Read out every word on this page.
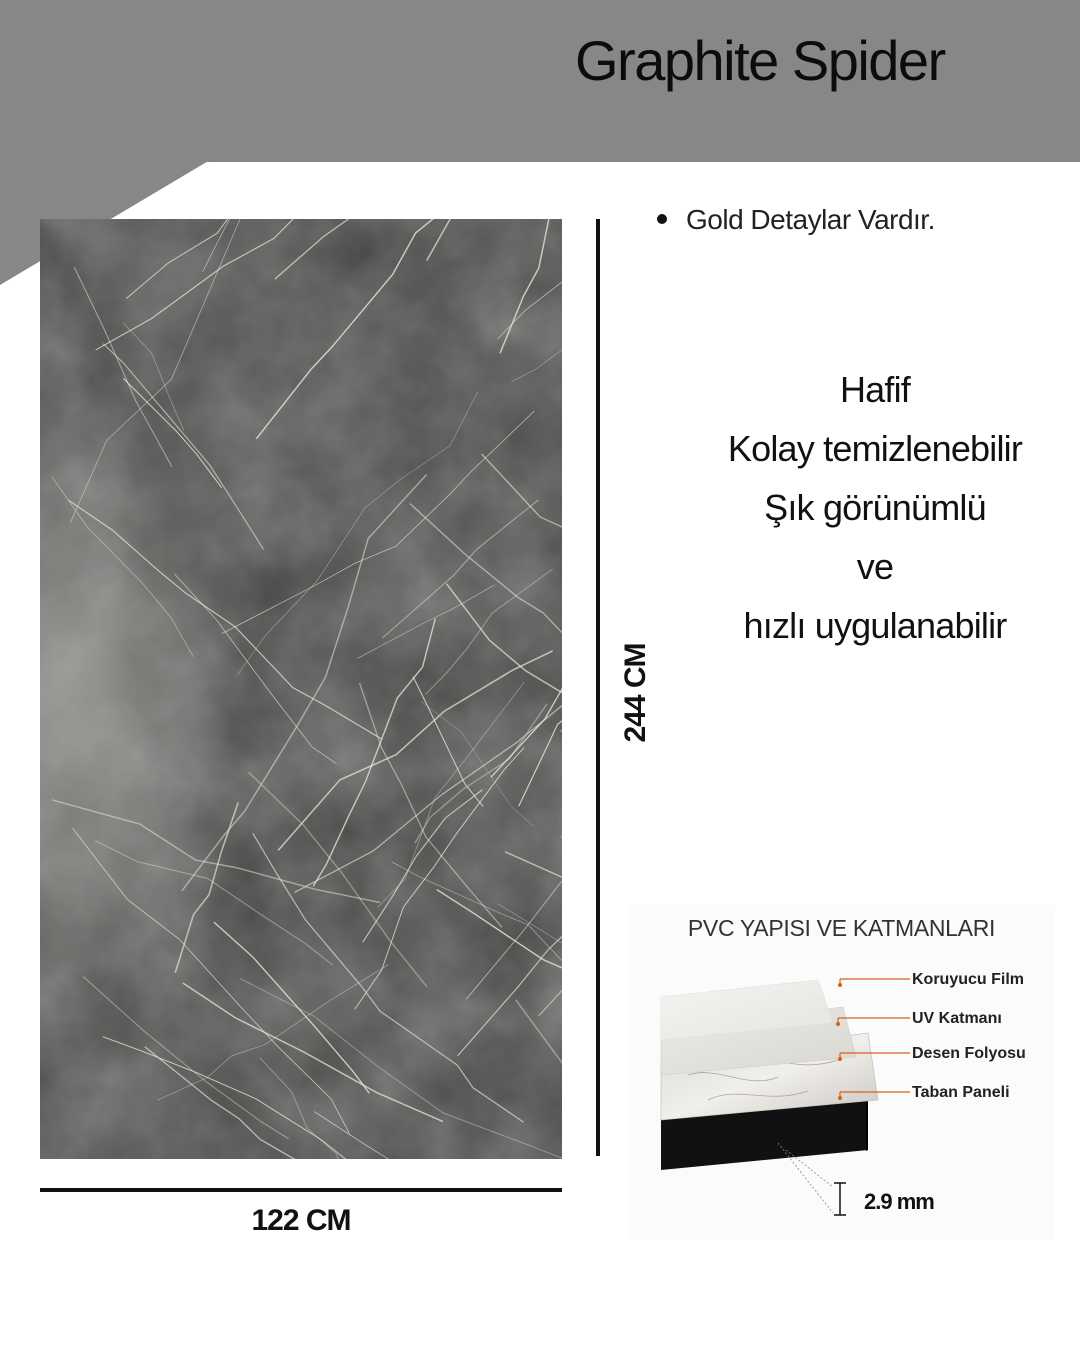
Graphite Spider
122 CM
244 CM
Gold Detaylar Vardır.
Hafif
Kolay temizlenebilir
Şık görünümlü
ve
hızlı uygulanabilir
PVC YAPISI VE KATMANLARI
Koruyucu Film
UV Katmanı
Desen Folyosu
Taban Paneli
2.9 mm
